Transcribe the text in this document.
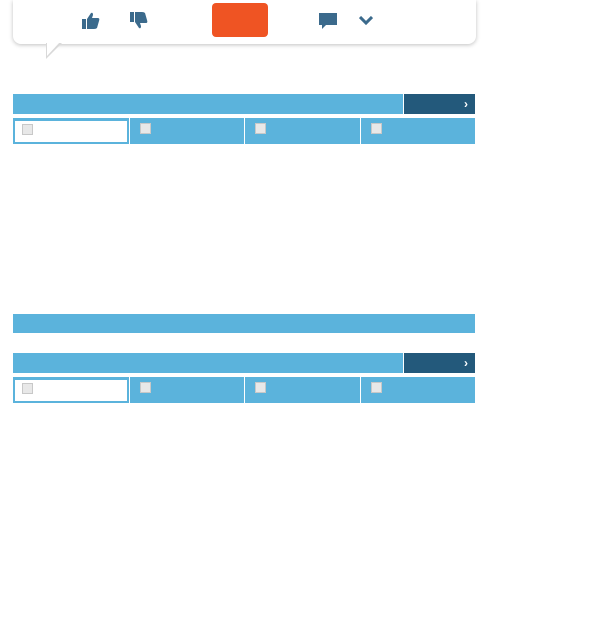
›
›
